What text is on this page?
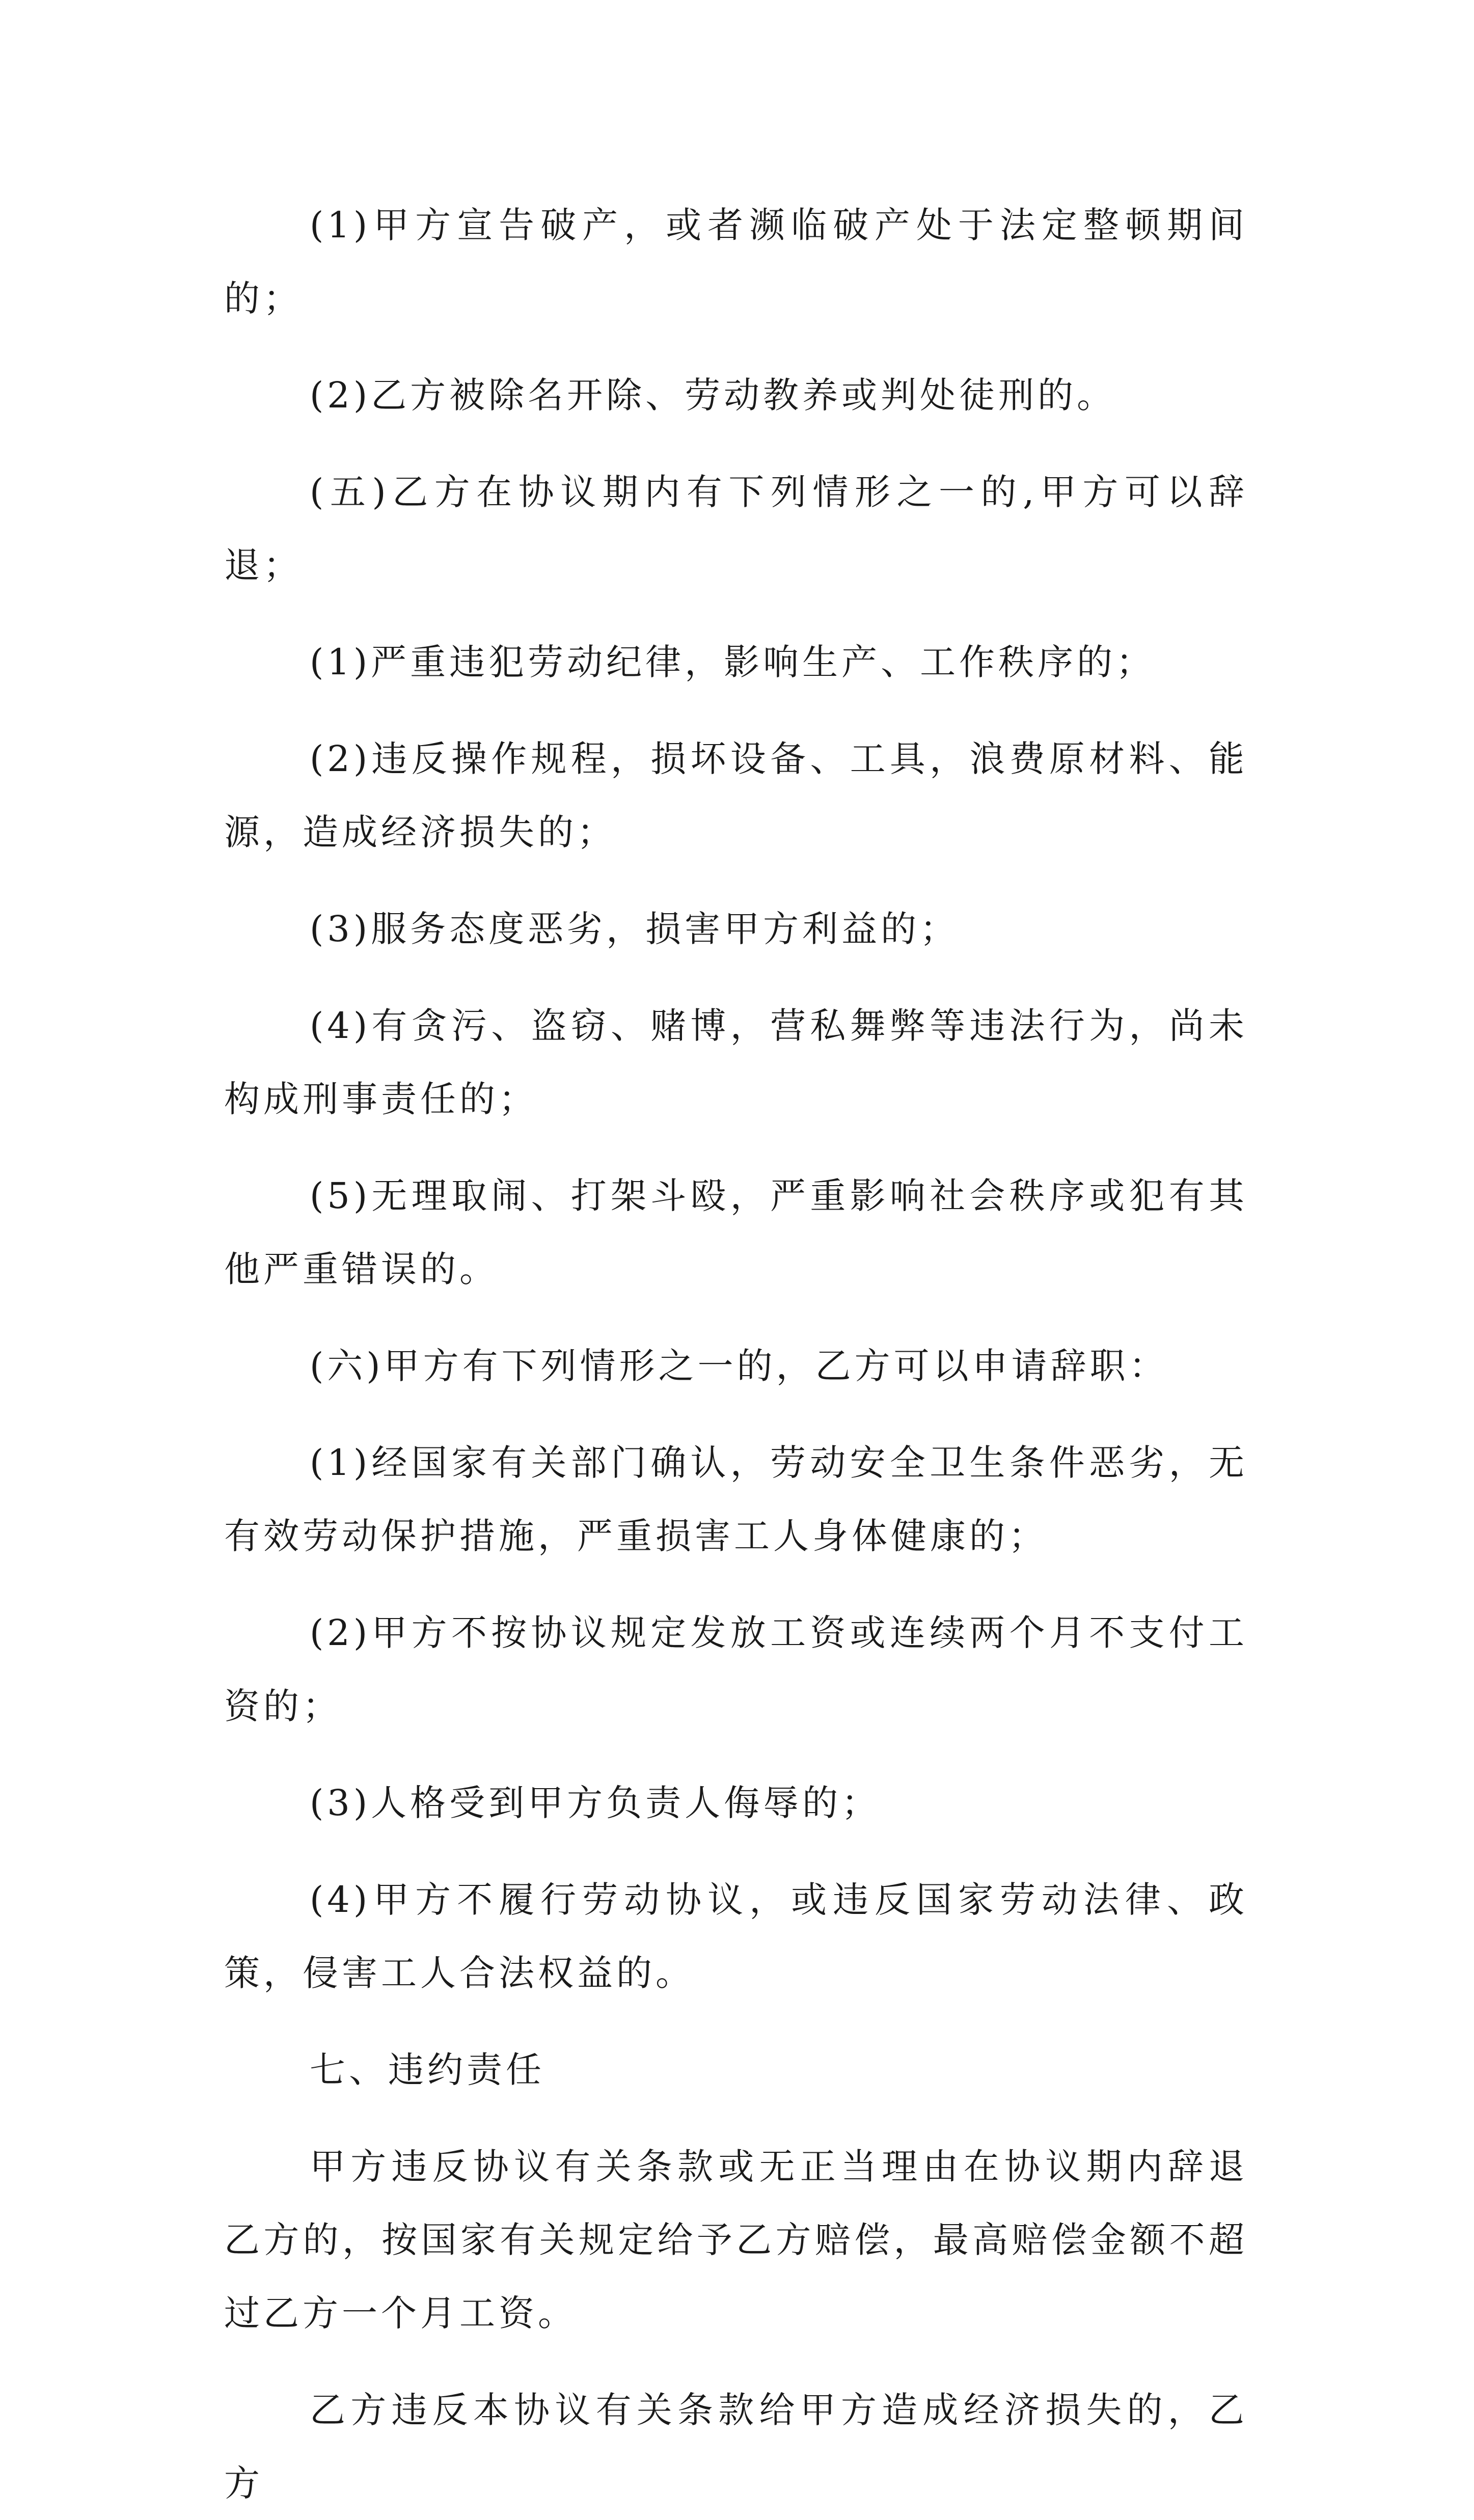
(1)甲方宣告破产，或者濒临破产处于法定整顿期间的；

(2)乙方被除名开除、劳动教养或判处徒刑的。

(五)乙方在协议期内有下列情形之一的,甲方可以辞退；

(1)严重违犯劳动纪律，影响生产、工作秩序的；

(2)违反操作规程，损坏设备、工具，浪费原材料、能源，造成经济损失的；

(3)服务态度恶劣，损害甲方利益的；

(4)有贪污、盗窃、赌博，营私舞弊等违法行为，尚未构成刑事责任的；

(5)无理取闹、打架斗殴，严重影响社会秩序或犯有其他严重错误的。

(六)甲方有下列情形之一的，乙方可以申请辞职：

(1)经国家有关部门确认，劳动安全卫生条件恶劣，无有效劳动保护措施，严重损害工人身体健康的；

(2)甲方不按协议规定发放工资或连续两个月不支付工资的；

(3)人格受到甲方负责人侮辱的；

(4)甲方不履行劳动协议，或违反国家劳动法律、政策，侵害工人合法权益的。

七、违约责任

甲方违反协议有关条款或无正当理由在协议期内辞退乙方的，按国家有关规定给予乙方赔偿，最高赔偿金额不超过乙方一个月工资。

乙方违反本协议有关条款给甲方造成经济损失的，乙方
